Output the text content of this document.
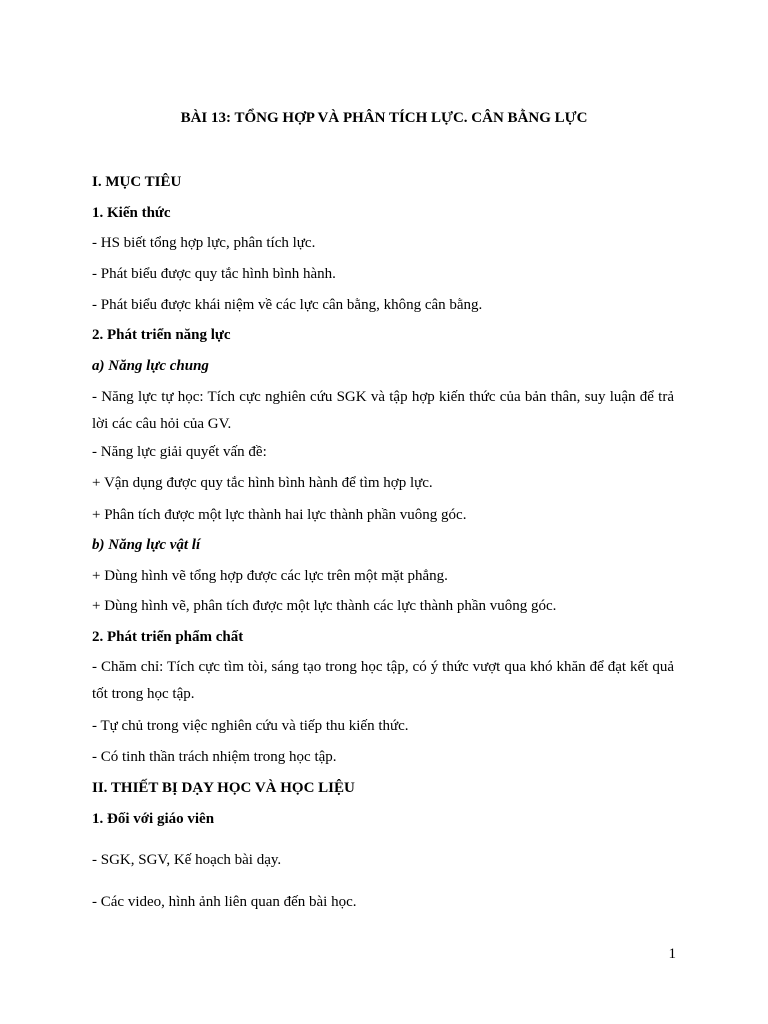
BÀI 13: TỔNG HỢP VÀ PHÂN TÍCH LỰC. CÂN BẰNG LỰC
I. MỤC TIÊU
1. Kiến thức
- HS biết tổng hợp lực, phân tích lực.
- Phát biểu được quy tắc hình bình hành.
- Phát biểu được khái niệm về các lực cân bằng, không cân bằng.
2. Phát triển năng lực
a) Năng lực chung
- Năng lực tự học: Tích cực nghiên cứu SGK và tập hợp kiến thức của bản thân, suy luận để trả lời các câu hỏi của GV.
- Năng lực giải quyết vấn đề:
+ Vận dụng được quy tắc hình bình hành để tìm hợp lực.
+ Phân tích được một lực thành hai lực thành phần vuông góc.
b) Năng lực vật lí
+ Dùng hình vẽ tổng hợp được các lực trên một mặt phẳng.
+ Dùng hình vẽ, phân tích được một lực thành các lực thành phần vuông góc.
2. Phát triển phẩm chất
- Chăm chỉ: Tích cực tìm tòi, sáng tạo trong học tập, có ý thức vượt qua khó khăn để đạt kết quả tốt trong học tập.
- Tự chủ trong việc nghiên cứu và tiếp thu kiến thức.
- Có tinh thần trách nhiệm trong học tập.
II. THIẾT BỊ DẠY HỌC VÀ HỌC LIỆU
1. Đối với giáo viên
- SGK, SGV, Kế hoạch bài dạy.
- Các video, hình ảnh liên quan đến bài học.
1
